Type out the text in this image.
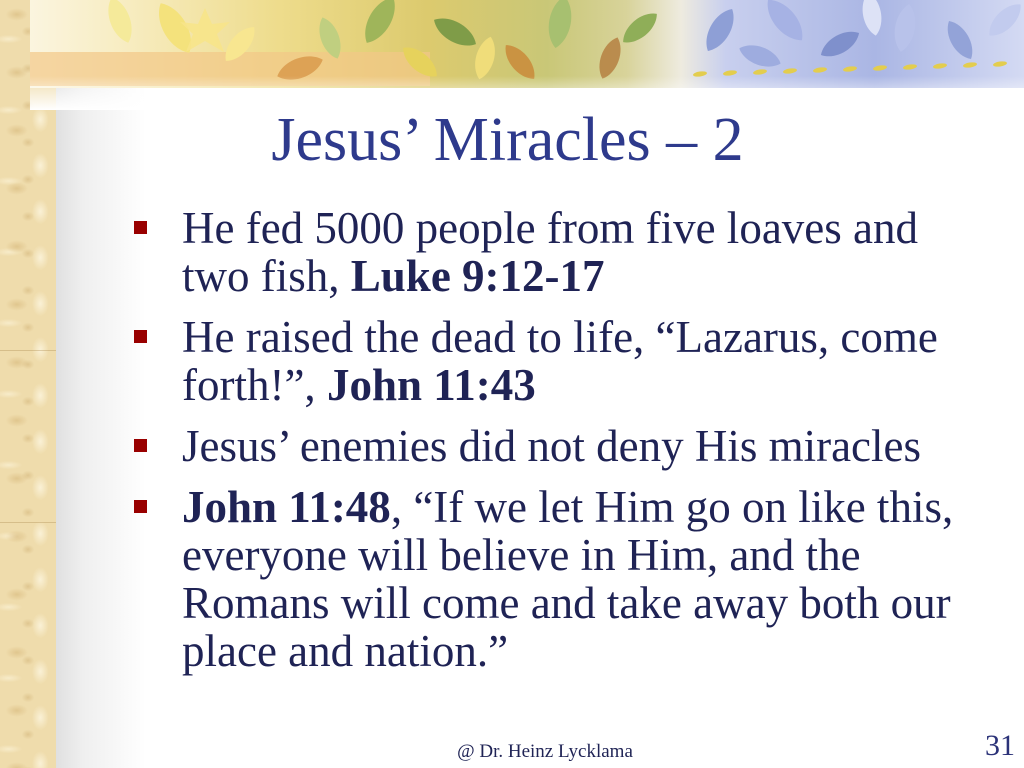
Jesus’ Miracles – 2
He fed 5000 people from five loaves and two fish, Luke 9:12-17
He raised the dead to life, “Lazarus, come forth!”, John 11:43
Jesus’ enemies did not deny His miracles
John 11:48, “If we let Him go on like this, everyone will believe in Him, and the Romans will come and take away both our place and nation.”
@ Dr. Heinz Lycklama	31
